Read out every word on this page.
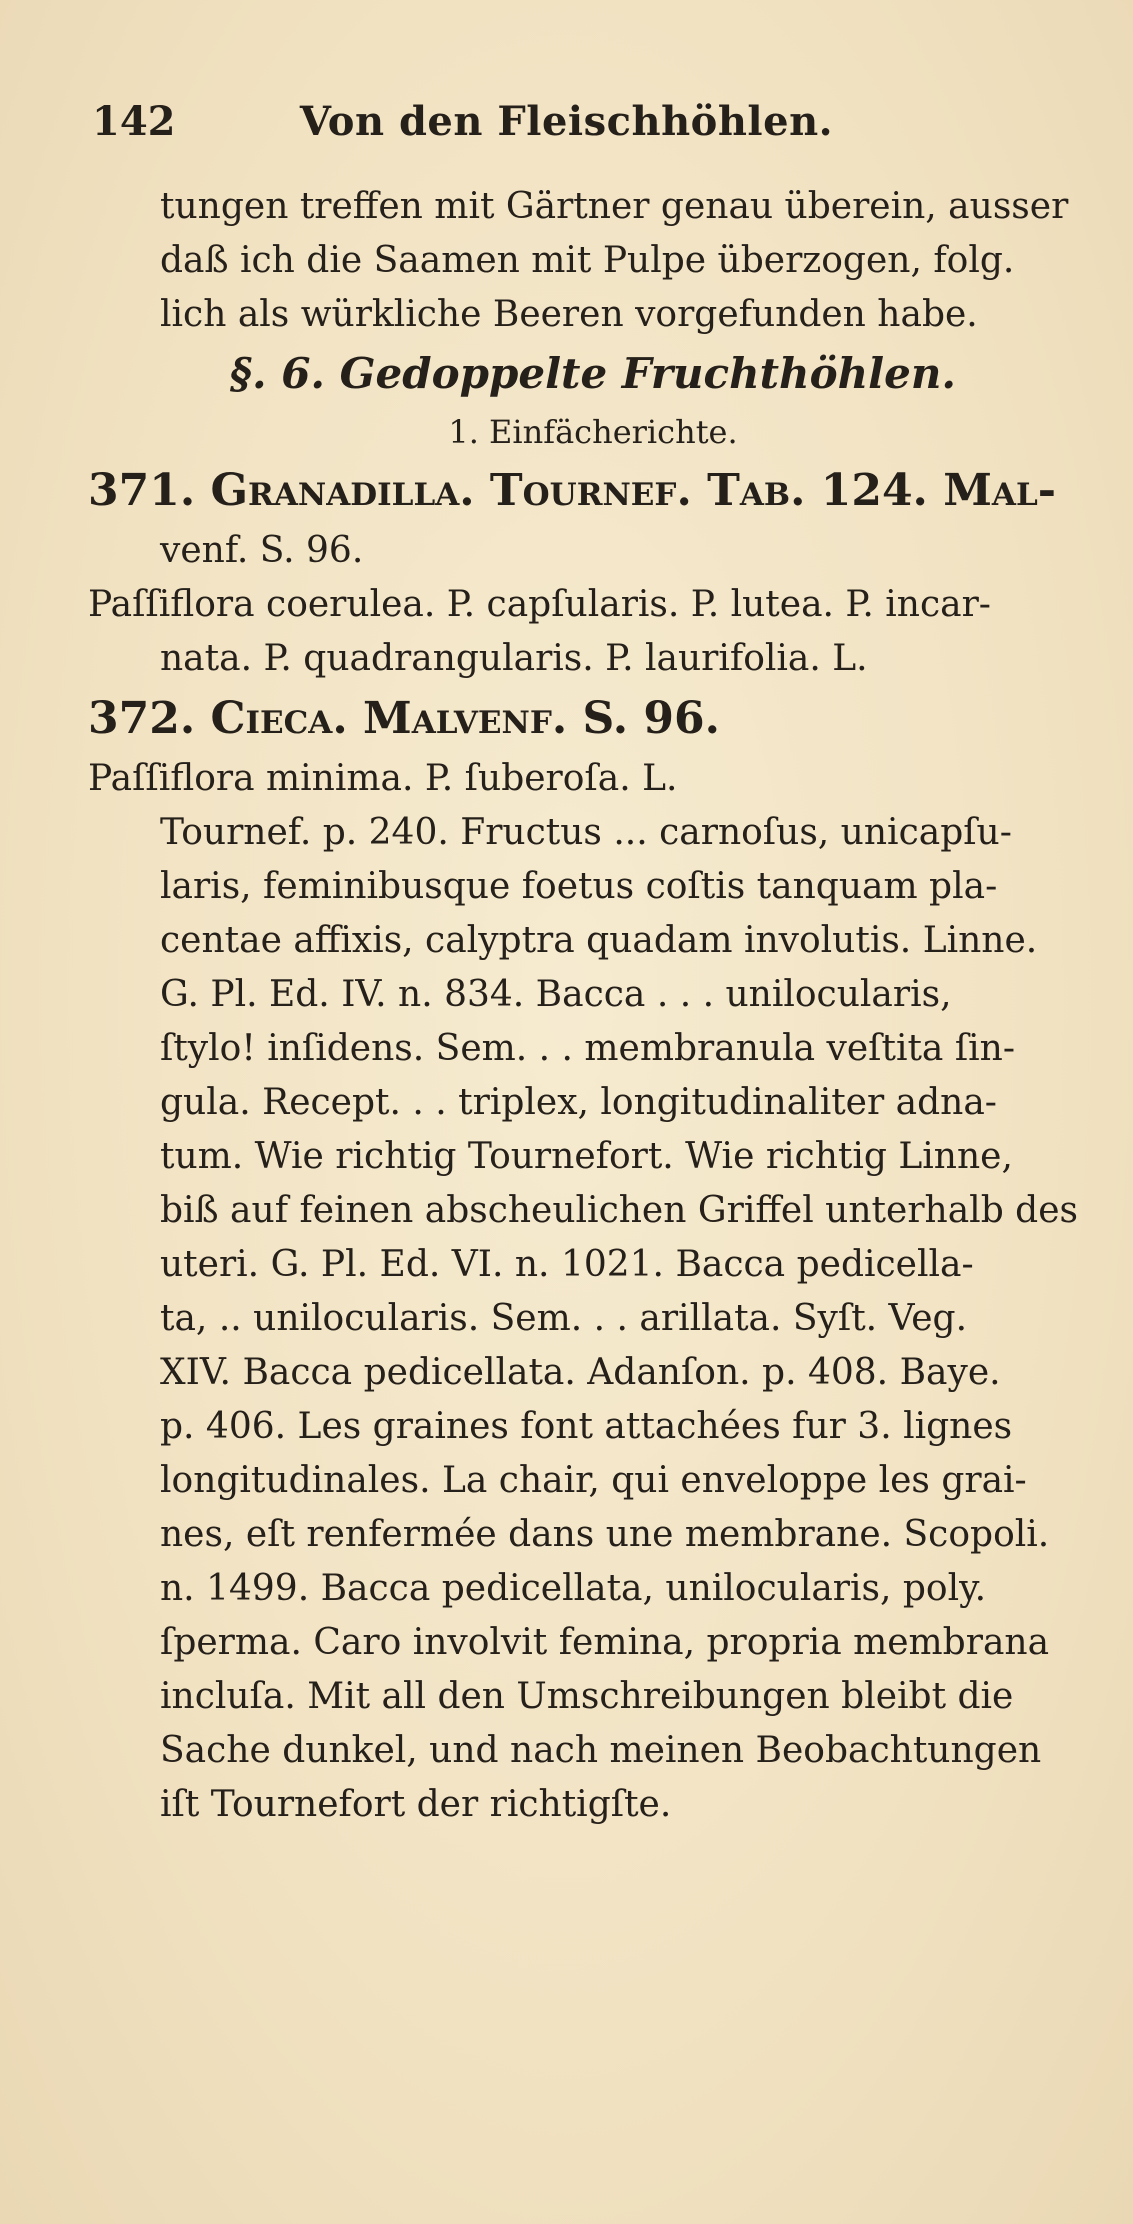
142	Von den Fleischhöhlen.
tungen treffen mit Gärtner genau überein, ausser
daß ich die Saamen mit Pulpe überzogen, folg.
lich als würkliche Beeren vorgefunden habe.
§. 6. Gedoppelte Fruchthöhlen.
1. Einfächerichte.
371. Granadilla. Tournef. Tab. 124. Mal-
venf. S. 96.
Paſſiflora coerulea. P. capſularis. P. lutea. P. incar-
nata. P. quadrangularis. P. laurifolia. L.
372. Cieca. Malvenf. S. 96.
Paſſiflora minima. P. ſuberoſa. L.
Tournef. p. 240. Fructus ... carnoſus, unicapſu-
laris, feminibusque foetus coſtis tanquam pla-
centae affixis, calyptra quadam involutis. Linne.
G. Pl. Ed. IV. n. 834. Bacca . . . unilocularis,
ſtylo! inſidens. Sem. . . membranula veſtita ſin-
gula. Recept. . . triplex, longitudinaliter adna-
tum. Wie richtig Tournefort. Wie richtig Linne,
biß auf feinen abscheulichen Griffel unterhalb des
uteri. G. Pl. Ed. VI. n. 1021. Bacca pedicella-
ta, .. unilocularis. Sem. . . arillata. Syſt. Veg.
XIV. Bacca pedicellata. Adanſon. p. 408. Baye.
p. 406. Les graines font attachées fur 3. lignes
longitudinales. La chair, qui enveloppe les grai-
nes, eſt renfermée dans une membrane. Scopoli.
n. 1499. Bacca pedicellata, unilocularis, poly.
ſperma. Caro involvit femina, propria membrana
incluſa. Mit all den Umschreibungen bleibt die
Sache dunkel, und nach meinen Beobachtungen
iſt Tournefort der richtigſte.
